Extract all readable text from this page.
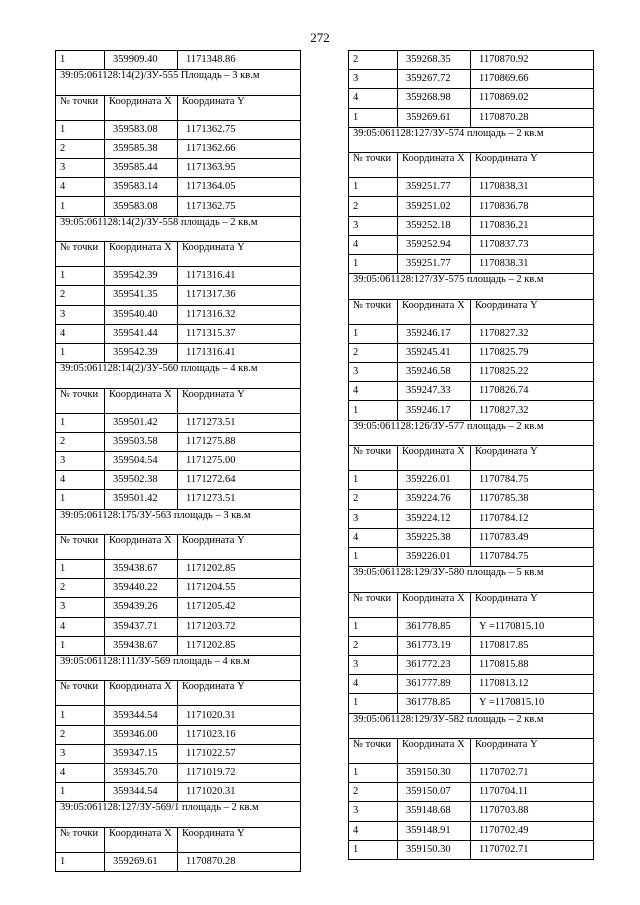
272
1	359909.40	1171348.86
39:05:061128:14(2)/ЗУ-555 Площадь – 3 кв.м		
№ точки	Координата X	Координата Y
1	359583.08	1171362.75
2	359585.38	1171362.66
3	359585.44	1171363.95
4	359583.14	1171364.05
1	359583.08	1171362.75
39:05:061128:14(2)/ЗУ-558 площадь – 2 кв.м		
№ точки	Координата X	Координата Y
1	359542.39	1171316.41
2	359541.35	1171317.36
3	359540.40	1171316.32
4	359541.44	1171315.37
1	359542.39	1171316.41
39:05:061128:14(2)/ЗУ-560 площадь – 4 кв.м		
№ точки	Координата X	Координата Y
1	359501.42	1171273.51
2	359503.58	1171275.88
3	359504.54	1171275.00
4	359502.38	1171272.64
1	359501.42	1171273.51
39:05:061128:175/ЗУ-563 площадь – 3 кв.м		
№ точки	Координата X	Координата Y
1	359438.67	1171202.85
2	359440.22	1171204.55
3	359439.26	1171205.42
4	359437.71	1171203.72
1	359438.67	1171202.85
39:05:061128:111/ЗУ-569 площадь – 4 кв.м		
№ точки	Координата X	Координата Y
1	359344.54	1171020.31
2	359346.00	1171023.16
3	359347.15	1171022.57
4	359345.70	1171019.72
1	359344.54	1171020.31
39:05:061128:127/ЗУ-569/1 площадь – 2 кв.м		
№ точки	Координата X	Координата Y
1	359269.61	1170870.28
2	359268.35	1170870.92
3	359267.72	1170869.66
4	359268.98	1170869.02
1	359269.61	1170870.28
39:05:061128:127/ЗУ-574 площадь – 2 кв.м		
№ точки	Координата X	Координата Y
1	359251.77	1170838.31
2	359251.02	1170836.78
3	359252.18	1170836.21
4	359252.94	1170837.73
1	359251.77	1170838.31
39:05:061128:127/ЗУ-575 площадь – 2 кв.м		
№ точки	Координата X	Координата Y
1	359246.17	1170827.32
2	359245.41	1170825.79
3	359246.58	1170825.22
4	359247.33	1170826.74
1	359246.17	1170827.32
39:05:061128:126/ЗУ-577 площадь – 2 кв.м		
№ точки	Координата X	Координата Y
1	359226.01	1170784.75
2	359224.76	1170785.38
3	359224.12	1170784.12
4	359225.38	1170783.49
1	359226.01	1170784.75
39:05:061128:129/ЗУ-580 площадь – 5 кв.м		
№ точки	Координата X	Координата Y
1	361778.85	Y =1170815.10
2	361773.19	1170817.85
3	361772.23	1170815.88
4	361777.89	1170813.12
1	361778.85	Y =1170815.10
39:05:061128:129/ЗУ-582 площадь – 2 кв.м		
№ точки	Координата X	Координата Y
1	359150.30	1170702.71
2	359150.07	1170704.11
3	359148.68	1170703.88
4	359148.91	1170702.49
1	359150.30	1170702.71
